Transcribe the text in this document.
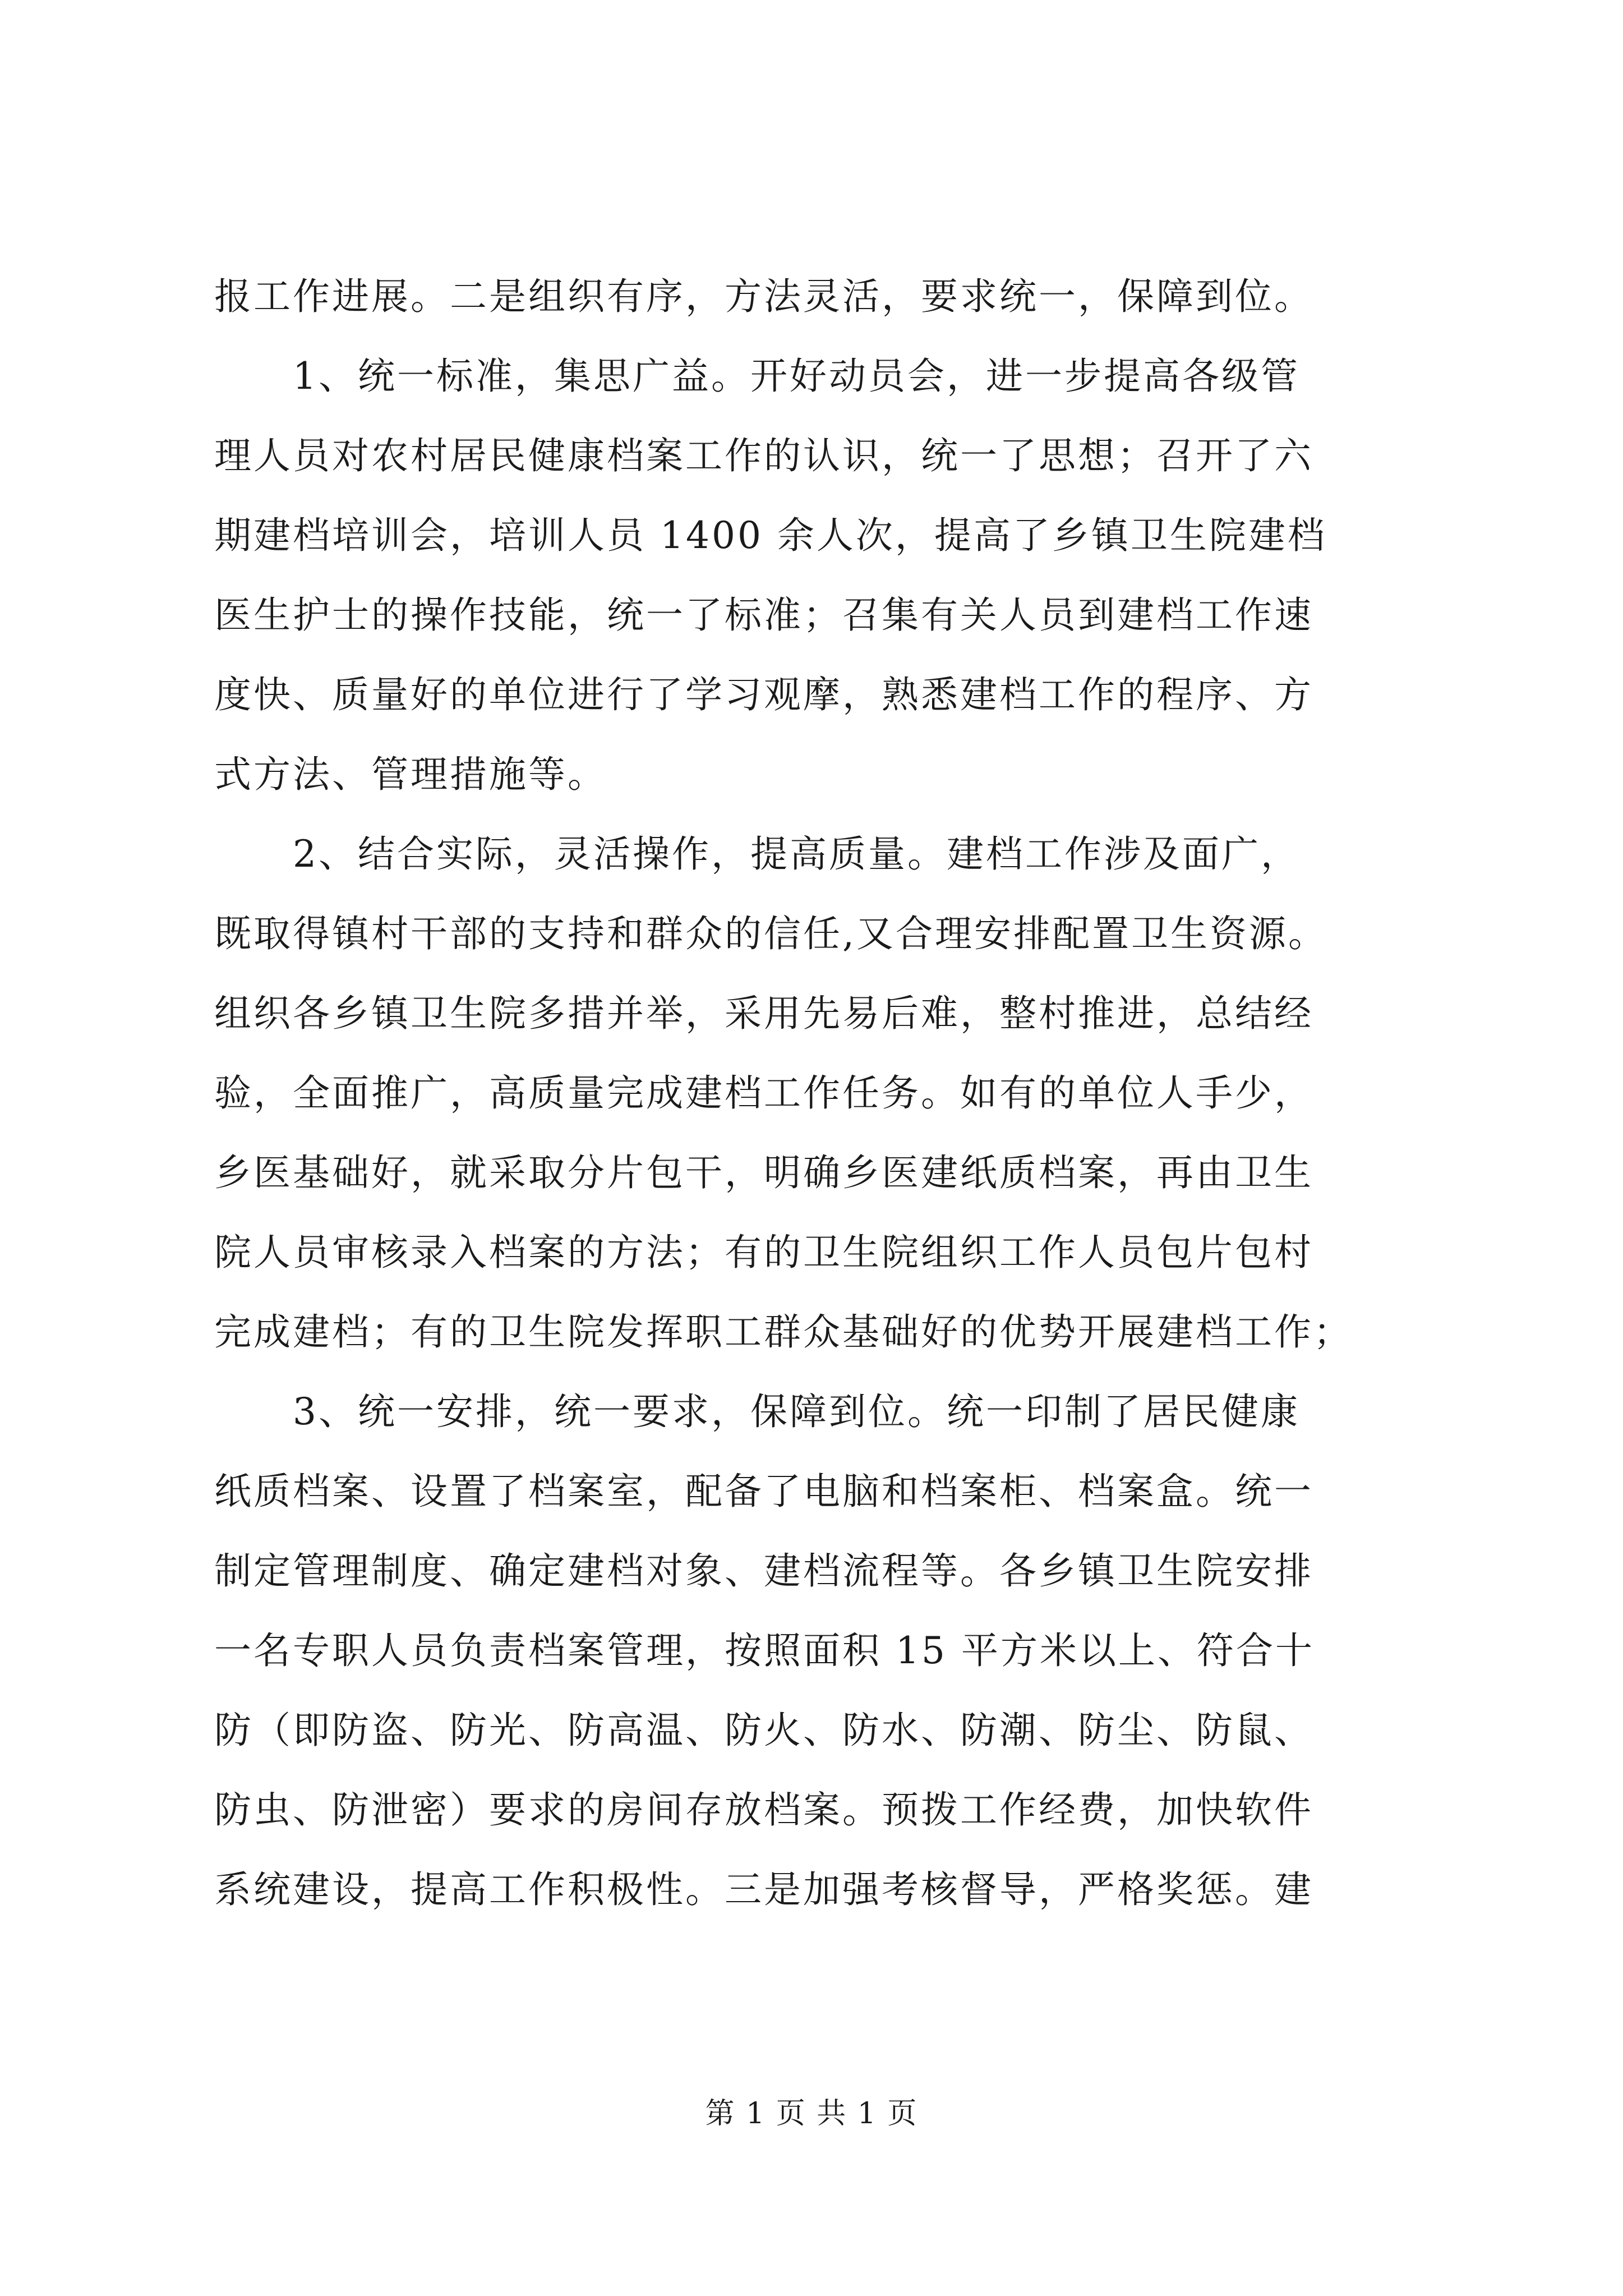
报工作进展。二是组织有序，方法灵活，要求统一，保障到位。
　　1、统一标准，集思广益。开好动员会，进一步提高各级管
理人员对农村居民健康档案工作的认识，统一了思想；召开了六
期建档培训会，培训人员 1400 余人次，提高了乡镇卫生院建档
医生护士的操作技能，统一了标准；召集有关人员到建档工作速
度快、质量好的单位进行了学习观摩，熟悉建档工作的程序、方
式方法、管理措施等。
　　2、结合实际，灵活操作，提高质量。建档工作涉及面广，
既取得镇村干部的支持和群众的信任,又合理安排配置卫生资源。
组织各乡镇卫生院多措并举，采用先易后难，整村推进，总结经
验，全面推广，高质量完成建档工作任务。如有的单位人手少，
乡医基础好，就采取分片包干，明确乡医建纸质档案，再由卫生
院人员审核录入档案的方法；有的卫生院组织工作人员包片包村
完成建档；有的卫生院发挥职工群众基础好的优势开展建档工作；
　　3、统一安排，统一要求，保障到位。统一印制了居民健康
纸质档案、设置了档案室，配备了电脑和档案柜、档案盒。统一
制定管理制度、确定建档对象、建档流程等。各乡镇卫生院安排
一名专职人员负责档案管理，按照面积 15 平方米以上、符合十
防（即防盗、防光、防高温、防火、防水、防潮、防尘、防鼠、
防虫、防泄密）要求的房间存放档案。预拨工作经费，加快软件
系统建设，提高工作积极性。三是加强考核督导，严格奖惩。建
第 1 页 共 1 页
